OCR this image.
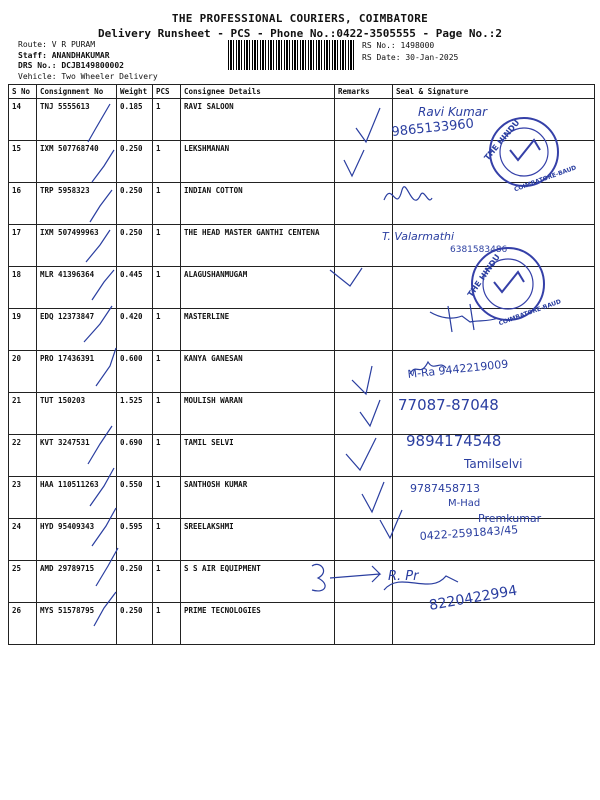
THE PROFESSIONAL COURIERS, COIMBATORE
Delivery Runsheet - PCS - Phone No.:0422-3505555 - Page No.:2
Route: V R PURAM
Staff: ANANDHAKUMAR
DRS No.: DCJB149800002
RS No.: 1498000
RS Date: 30-Jan-2025
Vehicle: Two Wheeler Delivery
S No	Consignment No	Weight	PCS	Consignee Details	Remarks	Seal & Signature
14	TNJ 5555613	0.185	1	RAVI SALOON		
15	IXM 507768740	0.250	1	LEKSHMANAN		
16	TRP 5958323	0.250	1	INDIAN COTTON		
17	IXM 507499963	0.250	1	THE HEAD MASTER GANTHI CENTENA		
18	MLR 41396364	0.445	1	ALAGUSHANMUGAM		
19	EDQ 12373847	0.420	1	MASTERLINE		
20	PRO 17436391	0.600	1	KANYA GANESAN		
21	TUT 150203	1.525	1	MOULISH WARAN		
22	KVT 3247531	0.690	1	TAMIL SELVI		
23	HAA 110511263	0.550	1	SANTHOSH KUMAR		
24	HYD 95409343	0.595	1	SREELAKSHMI		
25	AMD 29789715	0.250	1	S S AIR EQUIPMENT		
26	MYS 51578795	0.250	1	PRIME TECNOLOGIES		
Ravi Kumar
9865133960
T. Valarmathi
6381583486
M-Ra 9442219009
77087-87048
9894174548
Tamilselvi
9787458713
M-Had
Premkumar
0422-2591843/45
R. Pr
8220422994
THE HINDU
COIMBATORE-BAUD
THE HINDU
COIMBATORE-BAUD
